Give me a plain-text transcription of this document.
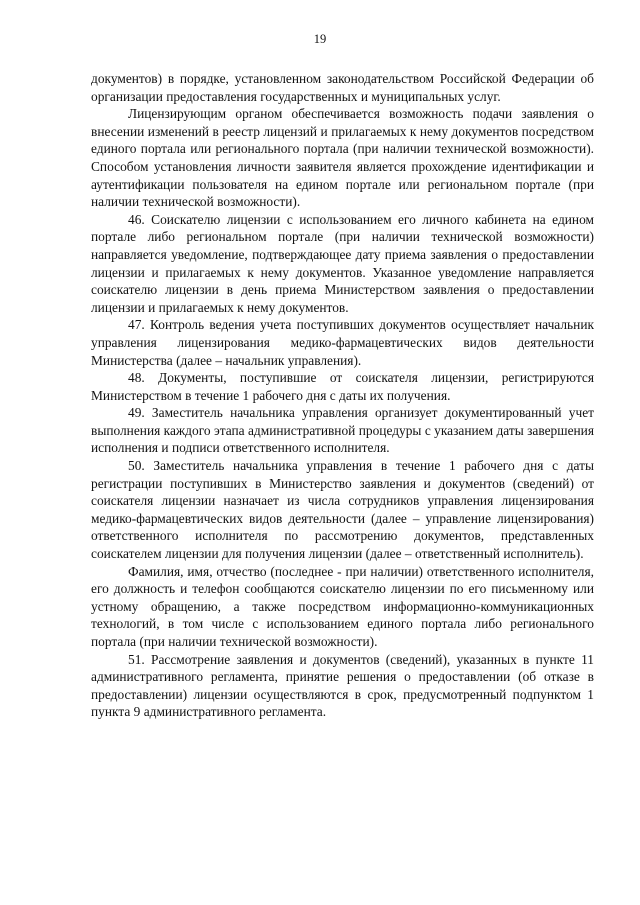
19

документов) в порядке, установленном законодательством Российской Федерации об организации предоставления государственных и муниципальных услуг.

Лицензирующим органом обеспечивается возможность подачи заявления о внесении изменений в реестр лицензий и прилагаемых к нему документов посредством единого портала или регионального портала (при наличии технической возможности). Способом установления личности заявителя является прохождение идентификации и аутентификации пользователя на едином портале или региональном портале (при наличии технической возможности).

46. Соискателю лицензии с использованием его личного кабинета на едином портале либо региональном портале (при наличии технической возможности) направляется уведомление, подтверждающее дату приема заявления о предоставлении лицензии и прилагаемых к нему документов. Указанное уведомление направляется соискателю лицензии в день приема Министерством заявления о предоставлении лицензии и прилагаемых к нему документов.

47. Контроль ведения учета поступивших документов осуществляет начальник управления лицензирования медико-фармацевтических видов деятельности Министерства (далее – начальник управления).

48. Документы, поступившие от соискателя лицензии, регистрируются Министерством в течение 1 рабочего дня с даты их получения.

49. Заместитель начальника управления организует документированный учет выполнения каждого этапа административной процедуры с указанием даты завершения исполнения и подписи ответственного исполнителя.

50. Заместитель начальника управления в течение 1 рабочего дня с даты регистрации поступивших в Министерство заявления и документов (сведений) от соискателя лицензии назначает из числа сотрудников управления лицензирования медико-фармацевтических видов деятельности (далее – управление лицензирования) ответственного исполнителя по рассмотрению документов, представленных соискателем лицензии для получения лицензии (далее – ответственный исполнитель).

Фамилия, имя, отчество (последнее - при наличии) ответственного исполнителя, его должность и телефон сообщаются соискателю лицензии по его письменному или устному обращению, а также посредством информационно-коммуникационных технологий, в том числе с использованием единого портала либо регионального портала (при наличии технической возможности).

51. Рассмотрение заявления и документов (сведений), указанных в пункте 11 административного регламента, принятие решения о предоставлении (об отказе в предоставлении) лицензии осуществляются в срок, предусмотренный подпунктом 1 пункта 9 административного регламента.
